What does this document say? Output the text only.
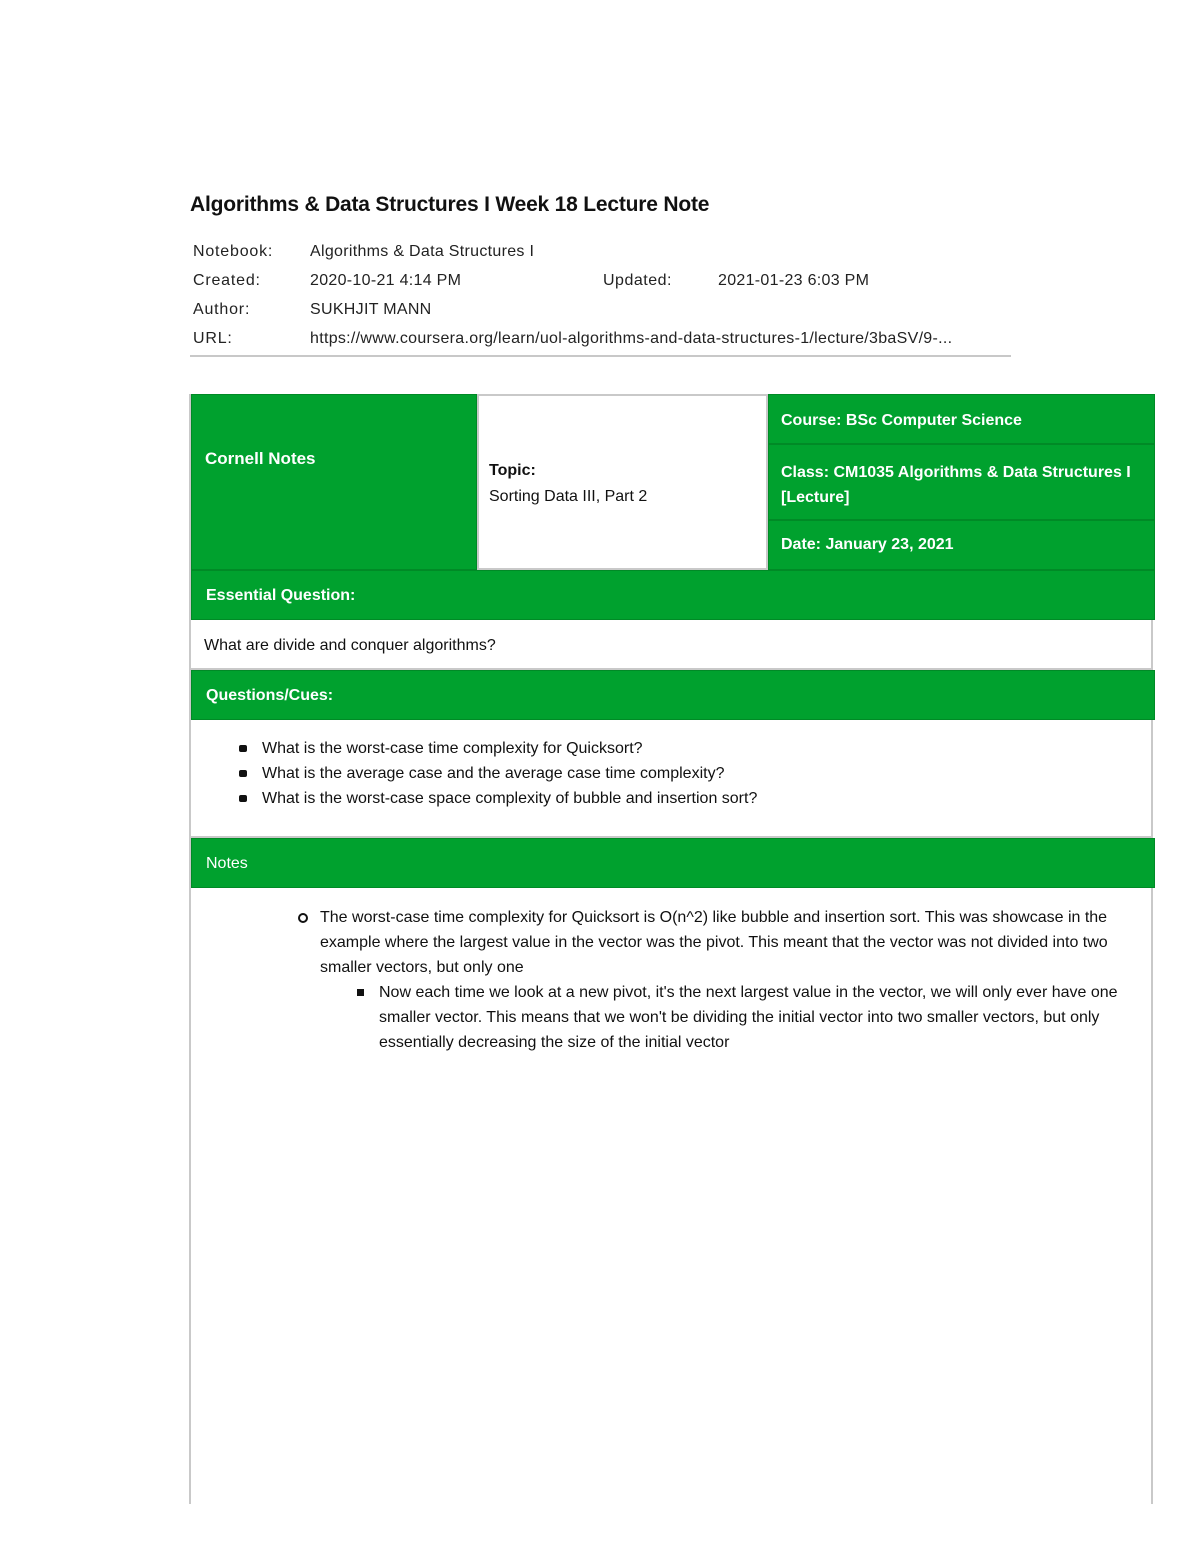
Algorithms & Data Structures I Week 18 Lecture Note
Notebook: Algorithms & Data Structures I
Created:	2020-10-21 4:14 PM	Updated:	2021-01-23 6:03 PM
Author:	SUKHJIT MANN
URL:	https://www.coursera.org/learn/uol-algorithms-and-data-structures-1/lecture/3baSV/9-...
Cornell Notes
Topic:
Sorting Data III, Part 2
Course: BSc Computer Science
Class: CM1035 Algorithms & Data Structures I [Lecture]
Date: January 23, 2021
Essential Question:
What are divide and conquer algorithms?
Questions/Cues:
What is the worst-case time complexity for Quicksort?
What is the average case and the average case time complexity?
What is the worst-case space complexity of bubble and insertion sort?
Notes
The worst-case time complexity for Quicksort is O(n^2) like bubble and insertion sort. This was showcase in the example where the largest value in the vector was the pivot. This meant that the vector was not divided into two smaller vectors, but only one
Now each time we look at a new pivot, it's the next largest value in the vector, we will only ever have one smaller vector. This means that we won't be dividing the initial vector into two smaller vectors, but only essentially decreasing the size of the initial vector
